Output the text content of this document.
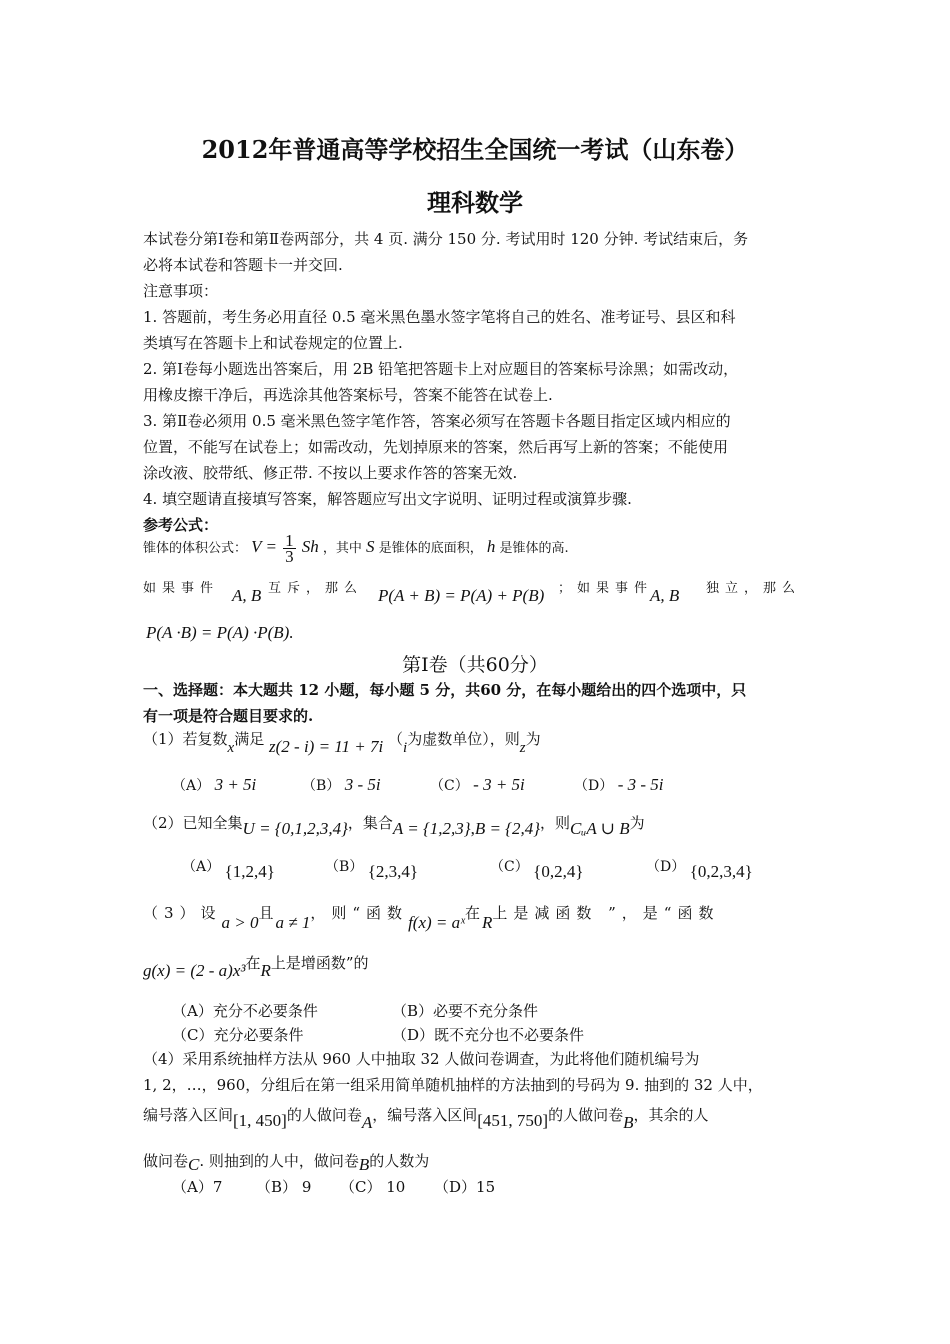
2012年普通高等学校招生全国统一考试（山东卷）
理科数学
本试卷分第Ⅰ卷和第Ⅱ卷两部分，共 4 页. 满分 150 分. 考试用时 120 分钟. 考试结束后，务
必将本试卷和答题卡一并交回.
注意事项：
1. 答题前，考生务必用直径 0.5 毫米黑色墨水签字笔将自己的姓名、准考证号、县区和科
类填写在答题卡上和试卷规定的位置上.
2. 第Ⅰ卷每小题选出答案后，用 2B 铅笔把答题卡上对应题目的答案标号涂黑；如需改动，
用橡皮擦干净后，再选涂其他答案标号，答案不能答在试卷上.
3. 第Ⅱ卷必须用 0.5 毫米黑色签字笔作答，答案必须写在答题卡各题目指定区域内相应的
位置，不能写在试卷上；如需改动，先划掉原来的答案，然后再写上新的答案；不能使用
涂改液、胶带纸、修正带. 不按以上要求作答的答案无效.
4. 填空题请直接填写答案，解答题应写出文字说明、证明过程或演算步骤.
参考公式：
锥体的体积公式： $V = \frac{1}{3}$ Sh ，其中 S 是锥体的底面积， h 是锥体的高.
如果事件 A, B 互斥，那么 P(A + B) = P(A) + P(B) ；如果事件
A, B 独立，那么
P(A ·B) = P(A) ·P(B).
第Ⅰ卷（共60分）
一、选择题：本大题共 12 小题，每小题 5 分，共60 分，在每小题给出的四个选项中，只
有一项是符合题目要求的.
（1）若复数x满足 z(2 - i) = 11 + 7i （i为虚数单位），则z为
（A） 3 + 5i	（B） 3 - 5i	（C） - 3 + 5i	（D） - 3 - 5i
（2）已知全集U = {0,1,2,3,4}，集合A = {1,2,3},B = {2,4}，则CᵤA ∪ B为
（A） {1,2,4}	（B） {2,3,4}	（C） {0,2,4}	（D） {0,2,3,4}
（3）设a > 0且a ≠ 1，则“函数f(x) = aˣ在R上是减函数 ”，是“函数
g(x) = (2 - a)x³在R上是增函数”的
（A）充分不必要条件	（B）必要不充分条件
（C）充分必要条件	（D）既不充分也不必要条件
（4）采用系统抽样方法从 960 人中抽取 32 人做问卷调查，为此将他们随机编号为
1, 2，…，960，分组后在第一组采用简单随机抽样的方法抽到的号码为 9. 抽到的 32 人中，
编号落入区间[1, 450]的人做问卷A，编号落入区间[451, 750]的人做问卷B，其余的人
做问卷C. 则抽到的人中，做问卷B的人数为
（A）7 （B） 9 （C） 10 （D）15
